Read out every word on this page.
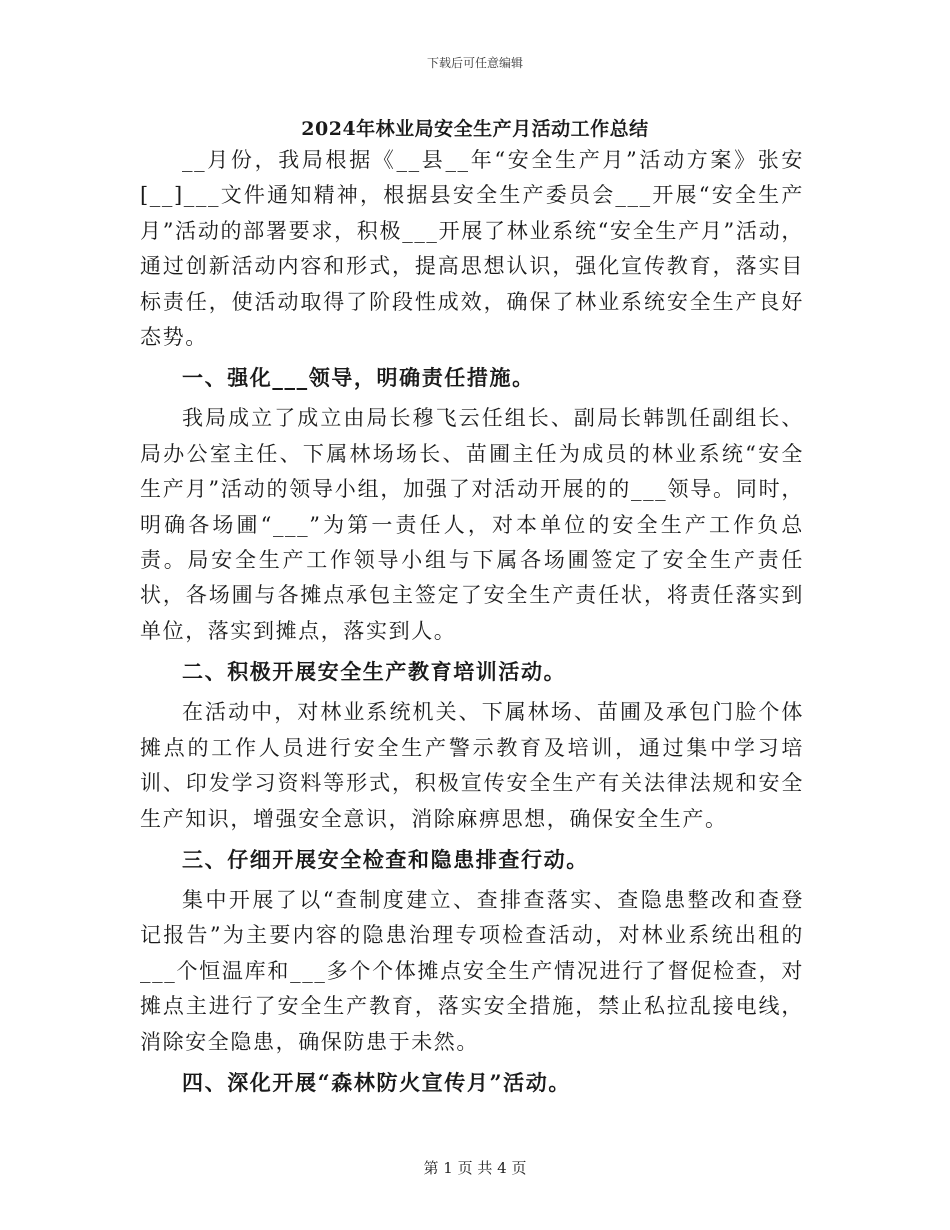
下载后可任意编辑
2024年林业局安全生产月活动工作总结

__月份，我局根据《__县__年“安全生产月”活动方案》张安[__]___文件通知精神，根据县安全生产委员会___开展“安全生产月”活动的部署要求，积极___开展了林业系统“安全生产月”活动，通过创新活动内容和形式，提高思想认识，强化宣传教育，落实目标责任，使活动取得了阶段性成效，确保了林业系统安全生产良好态势。

一、强化___领导，明确责任措施。

我局成立了成立由局长穆飞云任组长、副局长韩凯任副组长、局办公室主任、下属林场场长、苗圃主任为成员的林业系统“安全生产月”活动的领导小组，加强了对活动开展的的___领导。同时，明确各场圃“___”为第一责任人，对本单位的安全生产工作负总责。局安全生产工作领导小组与下属各场圃签定了安全生产责任状，各场圃与各摊点承包主签定了安全生产责任状，将责任落实到单位，落实到摊点，落实到人。

二、积极开展安全生产教育培训活动。

在活动中，对林业系统机关、下属林场、苗圃及承包门脸个体摊点的工作人员进行安全生产警示教育及培训，通过集中学习培训、印发学习资料等形式，积极宣传安全生产有关法律法规和安全生产知识，增强安全意识，消除麻痹思想，确保安全生产。

三、仔细开展安全检查和隐患排查行动。

集中开展了以“查制度建立、查排查落实、查隐患整改和查登记报告”为主要内容的隐患治理专项检查活动，对林业系统出租的___个恒温库和___多个个体摊点安全生产情况进行了督促检查，对摊点主进行了安全生产教育，落实安全措施，禁止私拉乱接电线，消除安全隐患，确保防患于未然。

四、深化开展“森林防火宣传月”活动。
第 1 页 共 4 页
